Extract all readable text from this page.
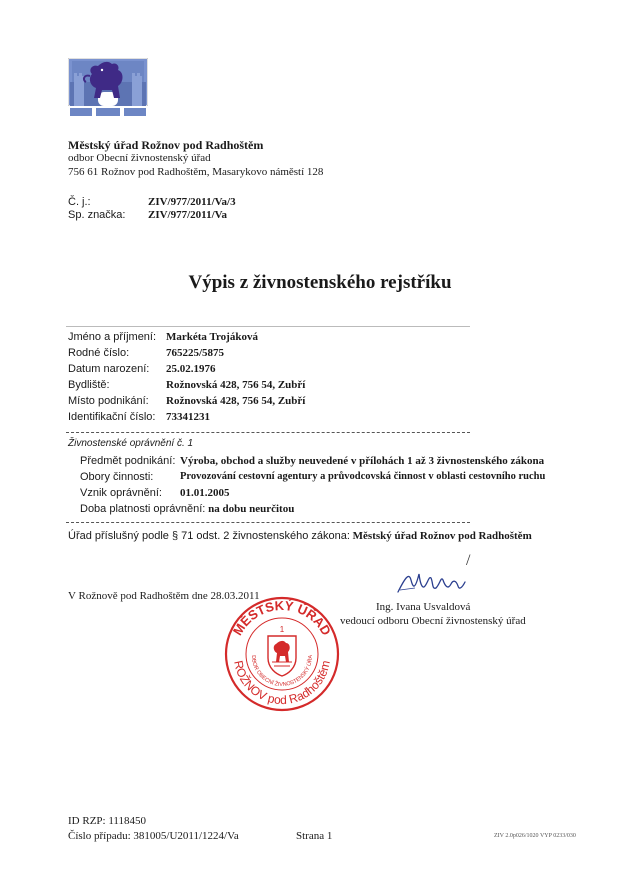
Městský úřad Rožnov pod Radhoštěm
odbor Obecní živnostenský úřad
756 61 Rožnov pod Radhoštěm, Masarykovo náměstí 128
Č. j.:	ZIV/977/2011/Va/3
Sp. značka: ZIV/977/2011/Va
Výpis z živnostenského rejstříku
Jméno a příjmení: Markéta Trojáková
Rodné číslo:	765225/5875
Datum narození: 25.02.1976
Bydliště:	Rožnovská 428, 756 54, Zubří
Místo podnikání: Rožnovská 428, 756 54, Zubří
Identifikační číslo: 73341231
Živnostenské oprávnění č. 1
Předmět podnikání: Výroba, obchod a služby neuvedené v přílohách 1 až 3 živnostenského zákona
Obory činnosti:	Provozování cestovní agentury a průvodcovská činnost v oblasti cestovního ruchu
Vznik oprávnění: 01.01.2005
Doba platnosti oprávnění: na dobu neurčitou
Úřad příslušný podle § 71 odst. 2 živnostenského zákona: Městský úřad Rožnov pod Radhoštěm
/
V Rožnově pod Radhoštěm dne 28.03.2011
Ing. Ivana Usvaldová
vedoucí odboru Obecní živnostenský úřad
MĚSTSKÝ ÚŘAD
ROŽNOV pod Radhoštěm
DBOR OBECNÍ ŽIVNOSTENSKÝ ÚŘA
1
ID RZP: 1118450
Číslo případu: 381005/U2011/1224/Va	Strana 1	ZIV 2.0p026/1020 VYP 0233/030
